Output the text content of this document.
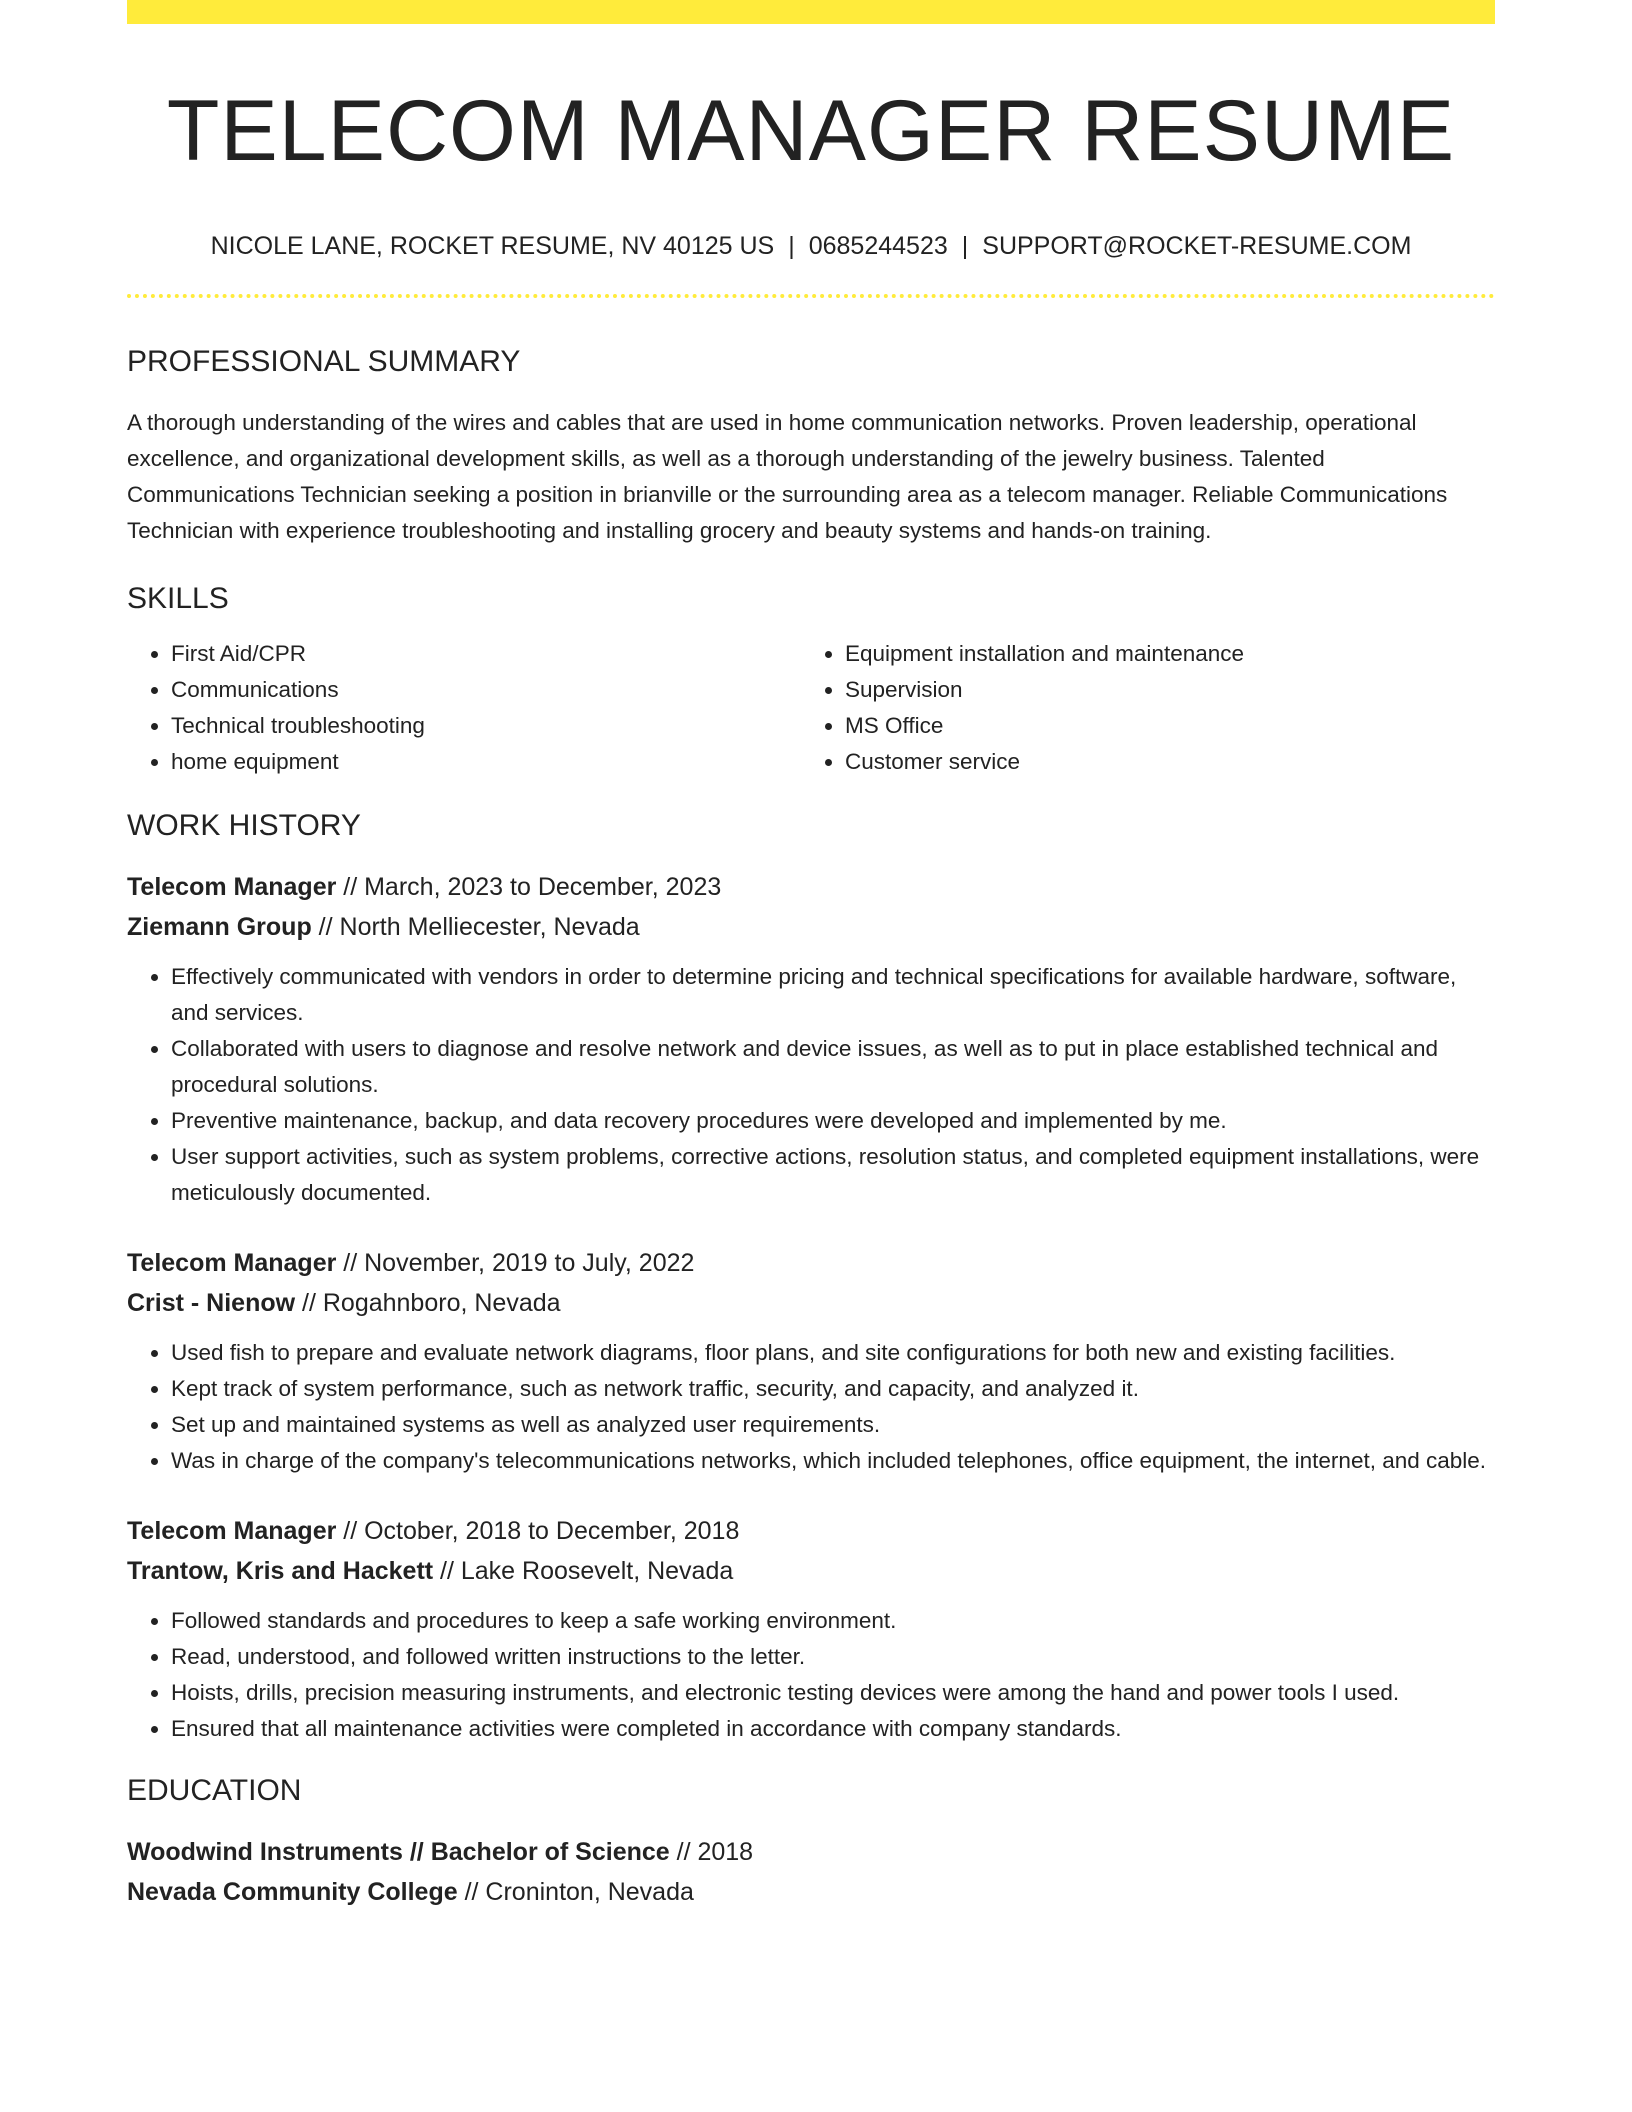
TELECOM MANAGER RESUME
NICOLE LANE, ROCKET RESUME, NV 40125 US | 0685244523 | SUPPORT@ROCKET-RESUME.COM
PROFESSIONAL SUMMARY

A thorough understanding of the wires and cables that are used in home communication networks. Proven leadership, operational excellence, and organizational development skills, as well as a thorough understanding of the jewelry business. Talented Communications Technician seeking a position in brianville or the surrounding area as a telecom manager. Reliable Communications Technician with experience troubleshooting and installing grocery and beauty systems and hands-on training.

SKILLS
• First Aid/CPR
• Communications
• Technical troubleshooting
• home equipment
• Equipment installation and maintenance
• Supervision
• MS Office
• Customer service
WORK HISTORY
Telecom Manager // March, 2023 to December, 2023
Ziemann Group // North Melliecester, Nevada
• Effectively communicated with vendors in order to determine pricing and technical specifications for available hardware, software, and services.
• Collaborated with users to diagnose and resolve network and device issues, as well as to put in place established technical and procedural solutions.
• Preventive maintenance, backup, and data recovery procedures were developed and implemented by me.
• User support activities, such as system problems, corrective actions, resolution status, and completed equipment installations, were meticulously documented.
Telecom Manager // November, 2019 to July, 2022
Crist - Nienow // Rogahnboro, Nevada
• Used fish to prepare and evaluate network diagrams, floor plans, and site configurations for both new and existing facilities.
• Kept track of system performance, such as network traffic, security, and capacity, and analyzed it.
• Set up and maintained systems as well as analyzed user requirements.
• Was in charge of the company's telecommunications networks, which included telephones, office equipment, the internet, and cable.
Telecom Manager // October, 2018 to December, 2018
Trantow, Kris and Hackett // Lake Roosevelt, Nevada
• Followed standards and procedures to keep a safe working environment.
• Read, understood, and followed written instructions to the letter.
• Hoists, drills, precision measuring instruments, and electronic testing devices were among the hand and power tools I used.
• Ensured that all maintenance activities were completed in accordance with company standards.
EDUCATION
Woodwind Instruments // Bachelor of Science // 2018
Nevada Community College // Croninton, Nevada
